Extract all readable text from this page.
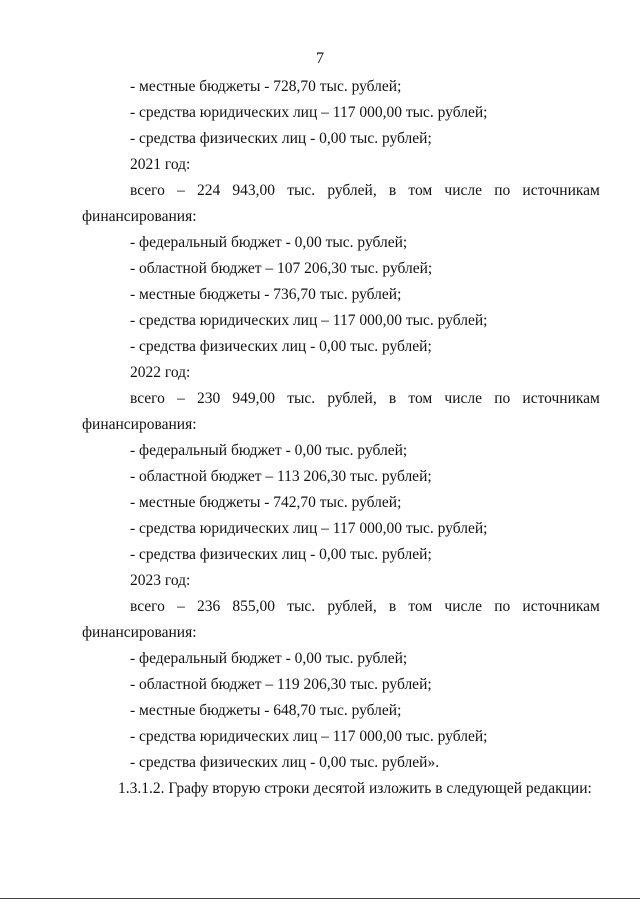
7
- местные бюджеты - 728,70 тыс. рублей;
- средства юридических лиц – 117 000,00 тыс. рублей;
- средства физических лиц - 0,00 тыс. рублей;
2021 год:
всего – 224 943,00 тыс. рублей, в том числе по источникам
финансирования:
- федеральный бюджет - 0,00 тыс. рублей;
- областной бюджет – 107 206,30 тыс. рублей;
- местные бюджеты - 736,70 тыс. рублей;
- средства юридических лиц – 117 000,00 тыс. рублей;
- средства физических лиц - 0,00 тыс. рублей;
2022 год:
всего – 230 949,00 тыс. рублей, в том числе по источникам
финансирования:
- федеральный бюджет - 0,00 тыс. рублей;
- областной бюджет – 113 206,30 тыс. рублей;
- местные бюджеты - 742,70 тыс. рублей;
- средства юридических лиц – 117 000,00 тыс. рублей;
- средства физических лиц - 0,00 тыс. рублей;
2023 год:
всего – 236 855,00 тыс. рублей, в том числе по источникам
финансирования:
- федеральный бюджет - 0,00 тыс. рублей;
- областной бюджет – 119 206,30 тыс. рублей;
- местные бюджеты - 648,70 тыс. рублей;
- средства юридических лиц – 117 000,00 тыс. рублей;
- средства физических лиц - 0,00 тыс. рублей».
1.3.1.2. Графу вторую строки десятой изложить в следующей редакции:
